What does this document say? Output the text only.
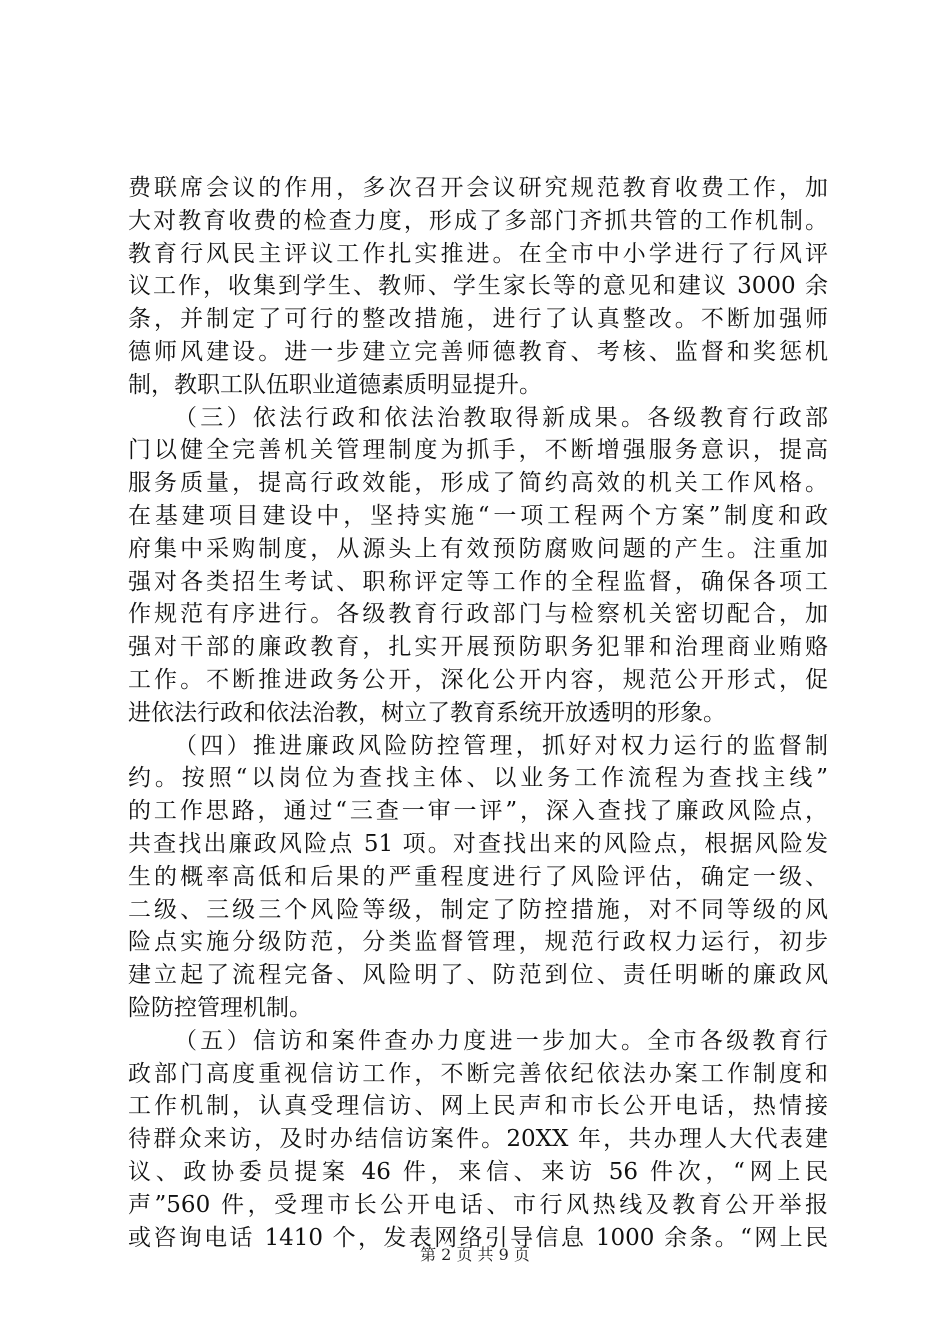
费联席会议的作用，多次召开会议研究规范教育收费工作，加
大对教育收费的检查力度，形成了多部门齐抓共管的工作机制。
教育行风民主评议工作扎实推进。在全市中小学进行了行风评
议工作，收集到学生、教师、学生家长等的意见和建议 3000 余
条，并制定了可行的整改措施，进行了认真整改。不断加强师
德师风建设。进一步建立完善师德教育、考核、监督和奖惩机
制，教职工队伍职业道德素质明显提升。
（三）依法行政和依法治教取得新成果。各级教育行政部
门以健全完善机关管理制度为抓手，不断增强服务意识，提高
服务质量，提高行政效能，形成了简约高效的机关工作风格。
在基建项目建设中，坚持实施“一项工程两个方案”制度和政
府集中采购制度，从源头上有效预防腐败问题的产生。注重加
强对各类招生考试、职称评定等工作的全程监督，确保各项工
作规范有序进行。各级教育行政部门与检察机关密切配合，加
强对干部的廉政教育，扎实开展预防职务犯罪和治理商业贿赂
工作。不断推进政务公开，深化公开内容，规范公开形式，促
进依法行政和依法治教，树立了教育系统开放透明的形象。
（四）推进廉政风险防控管理，抓好对权力运行的监督制
约。按照“以岗位为查找主体、以业务工作流程为查找主线”
的工作思路，通过“三查一审一评”，深入查找了廉政风险点，
共查找出廉政风险点 51 项。对查找出来的风险点，根据风险发
生的概率高低和后果的严重程度进行了风险评估，确定一级、
二级、三级三个风险等级，制定了防控措施，对不同等级的风
险点实施分级防范，分类监督管理，规范行政权力运行，初步
建立起了流程完备、风险明了、防范到位、责任明晰的廉政风
险防控管理机制。
（五）信访和案件查办力度进一步加大。全市各级教育行
政部门高度重视信访工作，不断完善依纪依法办案工作制度和
工作机制，认真受理信访、网上民声和市长公开电话，热情接
待群众来访，及时办结信访案件。20XX 年，共办理人大代表建
议、政协委员提案 46 件，来信、来访 56 件次，“网上民
声”560 件，受理市长公开电话、市行风热线及教育公开举报
或咨询电话 1410 个，发表网络引导信息 1000 余条。“网上民
第 2 页 共 9 页
